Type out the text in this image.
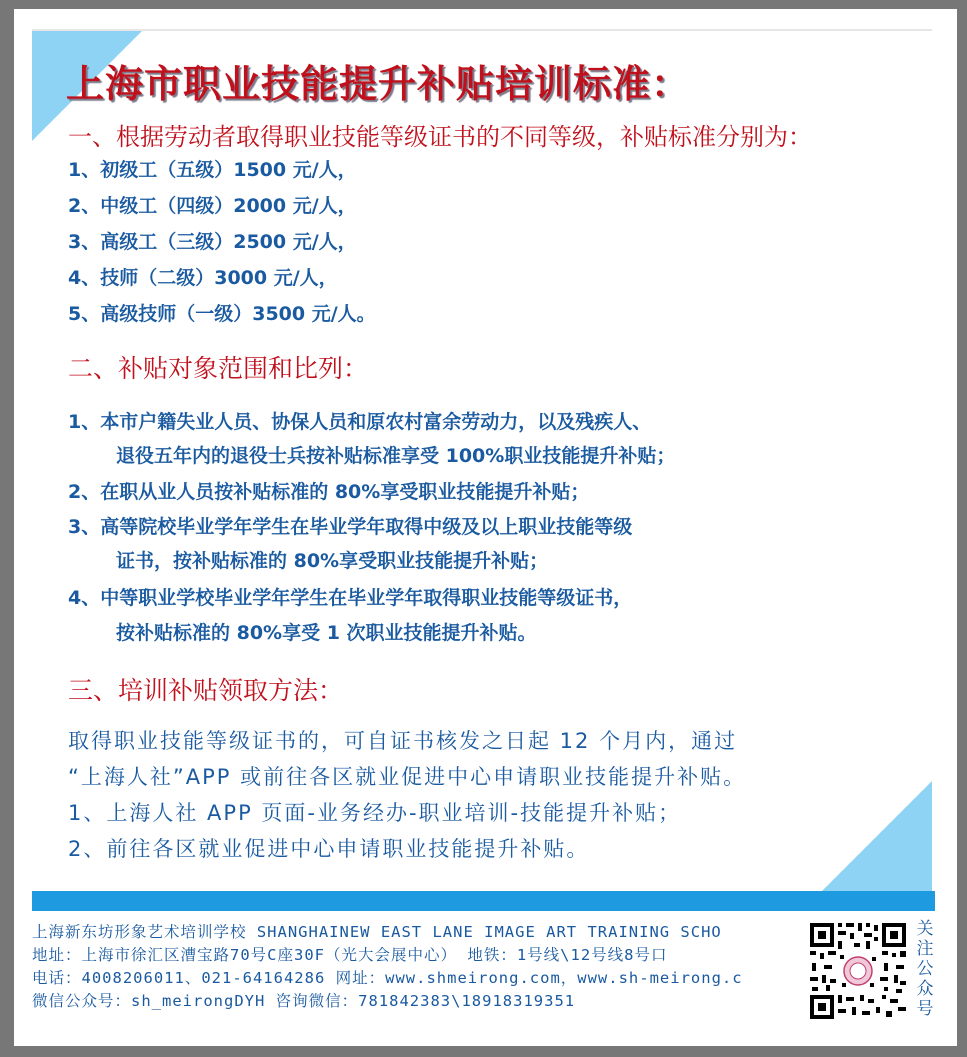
上海市职业技能提升补贴培训标准：
一、根据劳动者取得职业技能等级证书的不同等级，补贴标准分别为：
1、初级工（五级）1500 元/人，
2、中级工（四级）2000 元/人，
3、高级工（三级）2500 元/人，
4、技师（二级）3000 元/人，
5、高级技师（一级）3500 元/人。
二、补贴对象范围和比列：
1、本市户籍失业人员、协保人员和原农村富余劳动力，以及残疾人、
退役五年内的退役士兵按补贴标准享受 100%职业技能提升补贴；
2、在职从业人员按补贴标准的 80%享受职业技能提升补贴；
3、高等院校毕业学年学生在毕业学年取得中级及以上职业技能等级
证书，按补贴标准的 80%享受职业技能提升补贴；
4、中等职业学校毕业学年学生在毕业学年取得职业技能等级证书，
按补贴标准的 80%享受 1 次职业技能提升补贴。
三、培训补贴领取方法：
取得职业技能等级证书的，可自证书核发之日起 12 个月内，通过
“上海人社”APP 或前往各区就业促进中心申请职业技能提升补贴。
1、上海人社 APP 页面-业务经办-职业培训-技能提升补贴；
2、前往各区就业促进中心申请职业技能提升补贴。
上海新东坊形象艺术培训学校 SHANGHAINEW EAST LANE IMAGE ART TRAINING SCHO
地址：上海市徐汇区漕宝路70号C座30F（光大会展中心） 地铁：1号线\12号线8号口
电话：4008206011、021-64164286 网址：www.shmeirong.com，www.sh-meirong.c
微信公众号：sh_meirongDYH 咨询微信：781842383\18918319351
关注公众号
